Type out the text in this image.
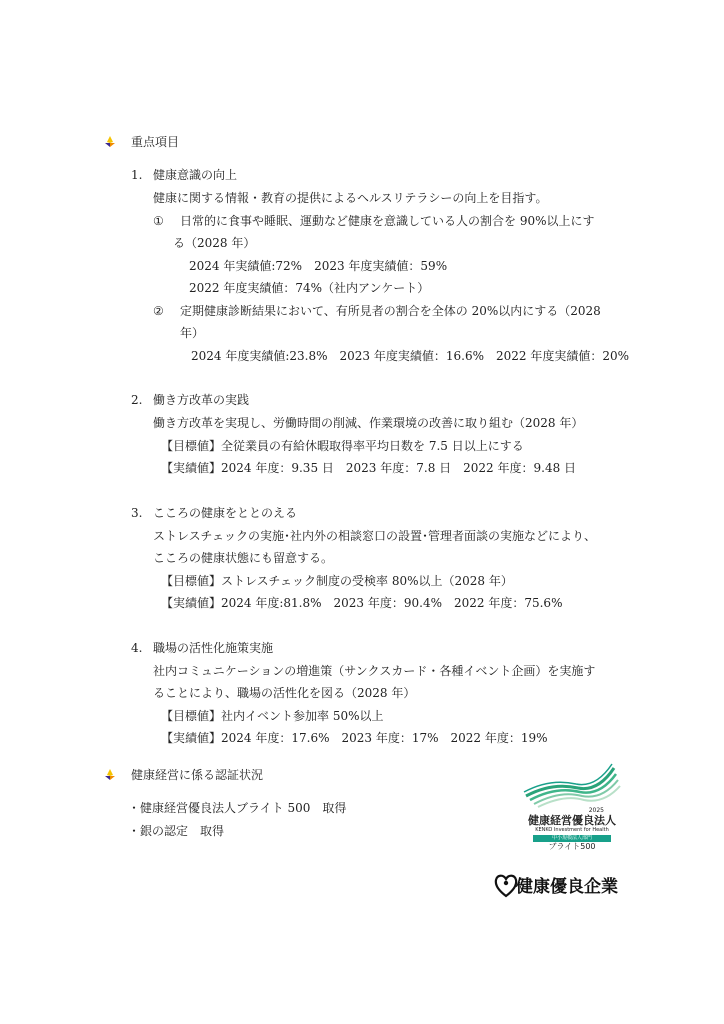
重点項目
1. 健康意識の向上
健康に関する情報・教育の提供によるヘルスリテラシーの向上を目指す。
① 日常的に食事や睡眠、運動など健康を意識している人の割合を 90%以上にす
る（2028 年）
2024 年実績値:72%　2023 年度実績値：59%
2022 年度実績値：74%（社内アンケート）
② 定期健康診断結果において、有所見者の割合を全体の 20%以内にする（2028
年）
2024 年度実績値:23.8%　2023 年度実績値：16.6%　2022 年度実績値：20%
2. 働き方改革の実践
働き方改革を実現し、労働時間の削減、作業環境の改善に取り組む（2028 年）
【目標値】全従業員の有給休暇取得率平均日数を 7.5 日以上にする
【実績値】2024 年度：9.35 日　2023 年度：7.8 日　2022 年度：9.48 日
3. こころの健康をととのえる
ストレスチェックの実施･社内外の相談窓口の設置･管理者面談の実施などにより、
こころの健康状態にも留意する。
【目標値】ストレスチェック制度の受検率 80%以上（2028 年）
【実績値】2024 年度:81.8%　2023 年度：90.4%　2022 年度：75.6%
4. 職場の活性化施策実施
社内コミュニケーションの増進策（サンクスカード・各種イベント企画）を実施す
ることにより、職場の活性化を図る（2028 年）
【目標値】社内イベント参加率 50%以上
【実績値】2024 年度：17.6%　2023 年度：17%　2022 年度：19%
健康経営に係る認証状況
・健康経営優良法人ブライト 500　取得
・銀の認定　取得
2025
健康経営優良法人
KENKO Investment for Health
中小規模法人部門
ブライト500
健康優良企業
